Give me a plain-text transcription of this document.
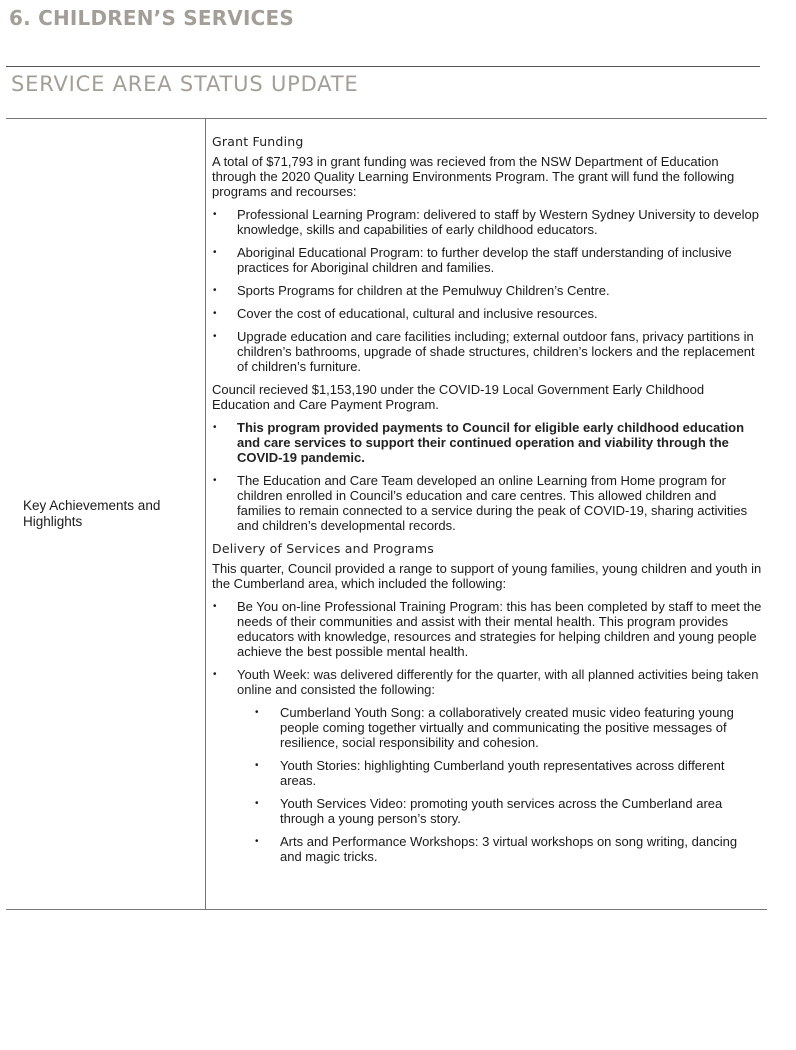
6. CHILDREN’S SERVICES
SERVICE AREA STATUS UPDATE
Key Achievements and Highlights
Grant Funding

A total of $71,793 in grant funding was recieved from the NSW Department of Education through the 2020 Quality Learning Environments Program. The grant will fund the following programs and recourses:

• Professional Learning Program: delivered to staff by Western Sydney University to develop knowledge, skills and capabilities of early childhood educators.
• Aboriginal Educational Program: to further develop the staff understanding of inclusive practices for Aboriginal children and families.
• Sports Programs for children at the Pemulwuy Children’s Centre.
• Cover the cost of educational, cultural and inclusive resources.
• Upgrade education and care facilities including; external outdoor fans, privacy partitions in children’s bathrooms, upgrade of shade structures, children’s lockers and the replacement of children’s furniture.

Council recieved $1,153,190 under the COVID-19 Local Government Early Childhood Education and Care Payment Program.

• This program provided payments to Council for eligible early childhood education and care services to support their continued operation and viability through the COVID-19 pandemic.
• The Education and Care Team developed an online Learning from Home program for children enrolled in Council’s education and care centres. This allowed children and families to remain connected to a service during the peak of COVID-19, sharing activities and children’s developmental records.
Delivery of Services and Programs

This quarter, Council provided a range to support of young families, young children and youth in the Cumberland area, which included the following:

• Be You on-line Professional Training Program: this has been completed by staff to meet the needs of their communities and assist with their mental health. This program provides educators with knowledge, resources and strategies for helping children and young people achieve the best possible mental health.
• Youth Week: was delivered differently for the quarter, with all planned activities being taken online and consisted the following:
• Cumberland Youth Song: a collaboratively created music video featuring young people coming together virtually and communicating the positive messages of resilience, social responsibility and cohesion.
• Youth Stories: highlighting Cumberland youth representatives across different areas.
• Youth Services Video: promoting youth services across the Cumberland area through a young person’s story.
• Arts and Performance Workshops: 3 virtual workshops on song writing, dancing and magic tricks.
